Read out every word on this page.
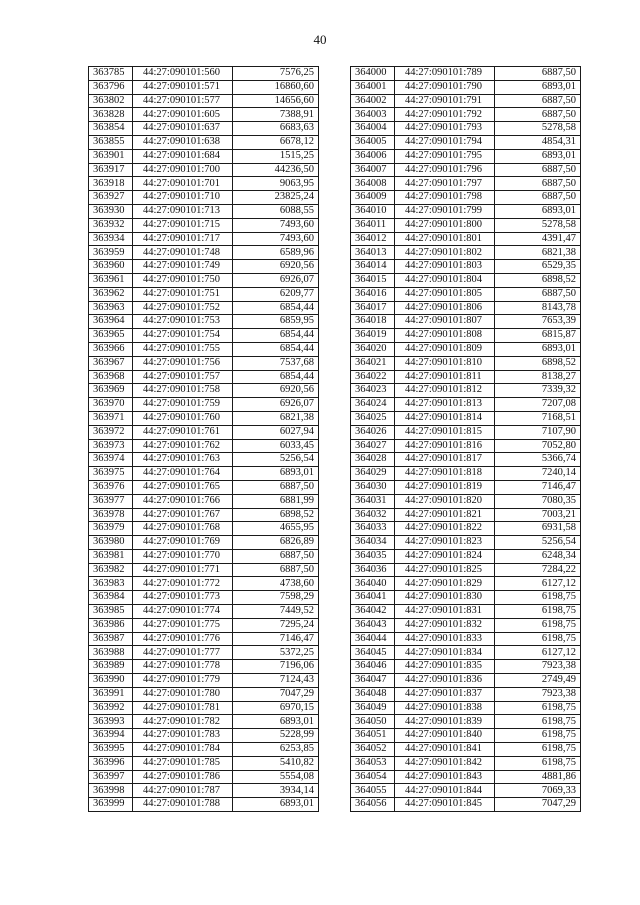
40
363785	44:27:090101:560	7576,25
363796	44:27:090101:571	16860,60
363802	44:27:090101:577	14656,60
363828	44:27:090101:605	7388,91
363854	44:27:090101:637	6683,63
363855	44:27:090101:638	6678,12
363901	44:27:090101:684	1515,25
363917	44:27:090101:700	44236,50
363918	44:27:090101:701	9063,95
363927	44:27:090101:710	23825,24
363930	44:27:090101:713	6088,55
363932	44:27:090101:715	7493,60
363934	44:27:090101:717	7493,60
363959	44:27:090101:748	6589,96
363960	44:27:090101:749	6920,56
363961	44:27:090101:750	6926,07
363962	44:27:090101:751	6209,77
363963	44:27:090101:752	6854,44
363964	44:27:090101:753	6859,95
363965	44:27:090101:754	6854,44
363966	44:27:090101:755	6854,44
363967	44:27:090101:756	7537,68
363968	44:27:090101:757	6854,44
363969	44:27:090101:758	6920,56
363970	44:27:090101:759	6926,07
363971	44:27:090101:760	6821,38
363972	44:27:090101:761	6027,94
363973	44:27:090101:762	6033,45
363974	44:27:090101:763	5256,54
363975	44:27:090101:764	6893,01
363976	44:27:090101:765	6887,50
363977	44:27:090101:766	6881,99
363978	44:27:090101:767	6898,52
363979	44:27:090101:768	4655,95
363980	44:27:090101:769	6826,89
363981	44:27:090101:770	6887,50
363982	44:27:090101:771	6887,50
363983	44:27:090101:772	4738,60
363984	44:27:090101:773	7598,29
363985	44:27:090101:774	7449,52
363986	44:27:090101:775	7295,24
363987	44:27:090101:776	7146,47
363988	44:27:090101:777	5372,25
363989	44:27:090101:778	7196,06
363990	44:27:090101:779	7124,43
363991	44:27:090101:780	7047,29
363992	44:27:090101:781	6970,15
363993	44:27:090101:782	6893,01
363994	44:27:090101:783	5228,99
363995	44:27:090101:784	6253,85
363996	44:27:090101:785	5410,82
363997	44:27:090101:786	5554,08
363998	44:27:090101:787	3934,14
363999	44:27:090101:788	6893,01
364000	44:27:090101:789	6887,50
364001	44:27:090101:790	6893,01
364002	44:27:090101:791	6887,50
364003	44:27:090101:792	6887,50
364004	44:27:090101:793	5278,58
364005	44:27:090101:794	4854,31
364006	44:27:090101:795	6893,01
364007	44:27:090101:796	6887,50
364008	44:27:090101:797	6887,50
364009	44:27:090101:798	6887,50
364010	44:27:090101:799	6893,01
364011	44:27:090101:800	5278,58
364012	44:27:090101:801	4391,47
364013	44:27:090101:802	6821,38
364014	44:27:090101:803	6529,35
364015	44:27:090101:804	6898,52
364016	44:27:090101:805	6887,50
364017	44:27:090101:806	8143,78
364018	44:27:090101:807	7653,39
364019	44:27:090101:808	6815,87
364020	44:27:090101:809	6893,01
364021	44:27:090101:810	6898,52
364022	44:27:090101:811	8138,27
364023	44:27:090101:812	7339,32
364024	44:27:090101:813	7207,08
364025	44:27:090101:814	7168,51
364026	44:27:090101:815	7107,90
364027	44:27:090101:816	7052,80
364028	44:27:090101:817	5366,74
364029	44:27:090101:818	7240,14
364030	44:27:090101:819	7146,47
364031	44:27:090101:820	7080,35
364032	44:27:090101:821	7003,21
364033	44:27:090101:822	6931,58
364034	44:27:090101:823	5256,54
364035	44:27:090101:824	6248,34
364036	44:27:090101:825	7284,22
364040	44:27:090101:829	6127,12
364041	44:27:090101:830	6198,75
364042	44:27:090101:831	6198,75
364043	44:27:090101:832	6198,75
364044	44:27:090101:833	6198,75
364045	44:27:090101:834	6127,12
364046	44:27:090101:835	7923,38
364047	44:27:090101:836	2749,49
364048	44:27:090101:837	7923,38
364049	44:27:090101:838	6198,75
364050	44:27:090101:839	6198,75
364051	44:27:090101:840	6198,75
364052	44:27:090101:841	6198,75
364053	44:27:090101:842	6198,75
364054	44:27:090101:843	4881,86
364055	44:27:090101:844	7069,33
364056	44:27:090101:845	7047,29
